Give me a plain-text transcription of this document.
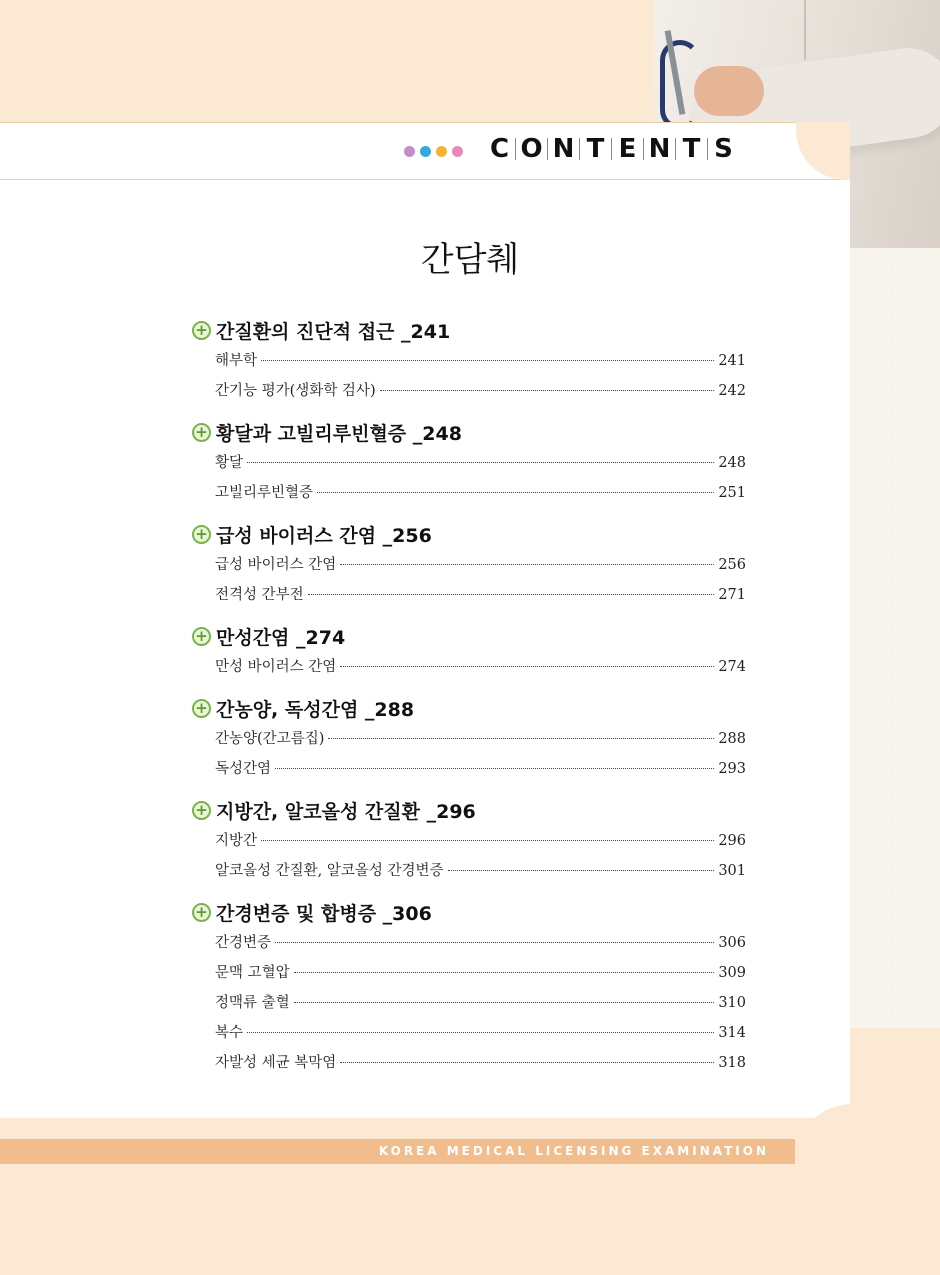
C O N T E N T S
간담췌
+ 간질환의 진단적 접근 _241
해부학	241
간기능 평가(생화학 검사)	242
+ 황달과 고빌리루빈혈증 _248
황달	248
고빌리루빈혈증	251
+ 급성 바이러스 간염 _256
급성 바이러스 간염	256
전격성 간부전	271
+ 만성간염 _274
만성 바이러스 간염	274
+ 간농양, 독성간염 _288
간농양(간고름집)	288
독성간염	293
+ 지방간, 알코올성 간질환 _296
지방간	296
알코올성 간질환, 알코올성 간경변증	301
+ 간경변증 및 합병증 _306
간경변증	306
문맥 고혈압	309
정맥류 출혈	310
복수	314
자발성 세균 복막염	318
KOREA MEDICAL LICENSING EXAMINATION
